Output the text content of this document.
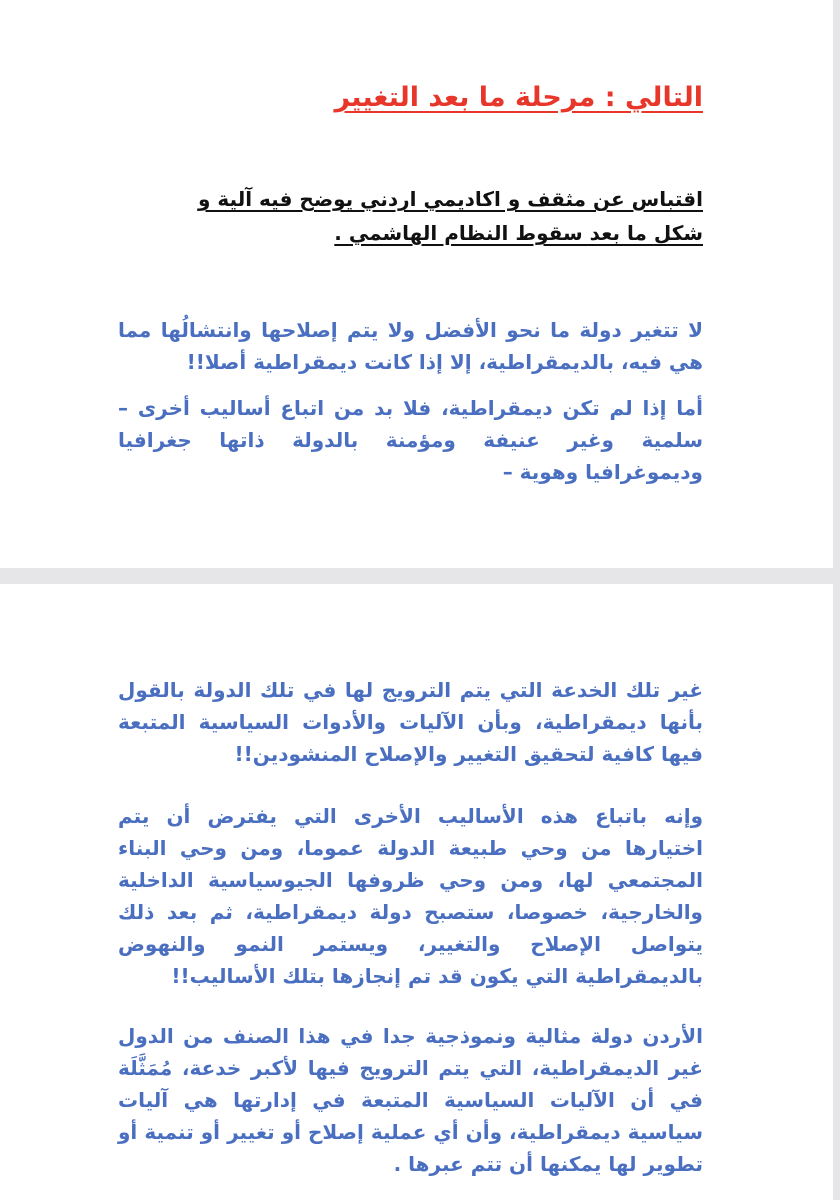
التالي : مرحلة ما بعد التغيير

اقتباس عن مثقف و اكاديمي اردني يوضح فيه آلية و شكل ما بعد سقوط النظام الهاشمي .

لا تتغير دولة ما نحو الأفضل ولا يتم إصلاحها وانتشالُها مما هي فيه، بالديمقراطية، إلا إذا كانت ديمقراطية أصلا!!

أما إذا لم تكن ديمقراطية، فلا بد من اتباع أساليب أخرى – سلمية وغير عنيفة ومؤمنة بالدولة ذاتها جغرافيا وديموغرافيا وهوية –

غير تلك الخدعة التي يتم الترويج لها في تلك الدولة بالقول بأنها ديمقراطية، وبأن الآليات والأدوات السياسية المتبعة فيها كافية لتحقيق التغيير والإصلاح المنشودين!!

وإنه باتباع هذه الأساليب الأخرى التي يفترض أن يتم اختيارها من وحي طبيعة الدولة عموما، ومن وحي البناء المجتمعي لها، ومن وحي ظروفها الجيوسياسية الداخلية والخارجية، خصوصا، ستصبح دولة ديمقراطية، ثم بعد ذلك يتواصل الإصلاح والتغيير، ويستمر النمو والنهوض بالديمقراطية التي يكون قد تم إنجازها بتلك الأساليب!!

الأردن دولة مثالية ونموذجية جدا في هذا الصنف من الدول غير الديمقراطية، التي يتم الترويج فيها لأكبر خدعة، مُمَثَّلَة في أن الآليات السياسية المتبعة في إدارتها هي آليات سياسية ديمقراطية، وأن أي عملية إصلاح أو تغيير أو تنمية أو تطوير لها يمكنها أن تتم عبرها .
